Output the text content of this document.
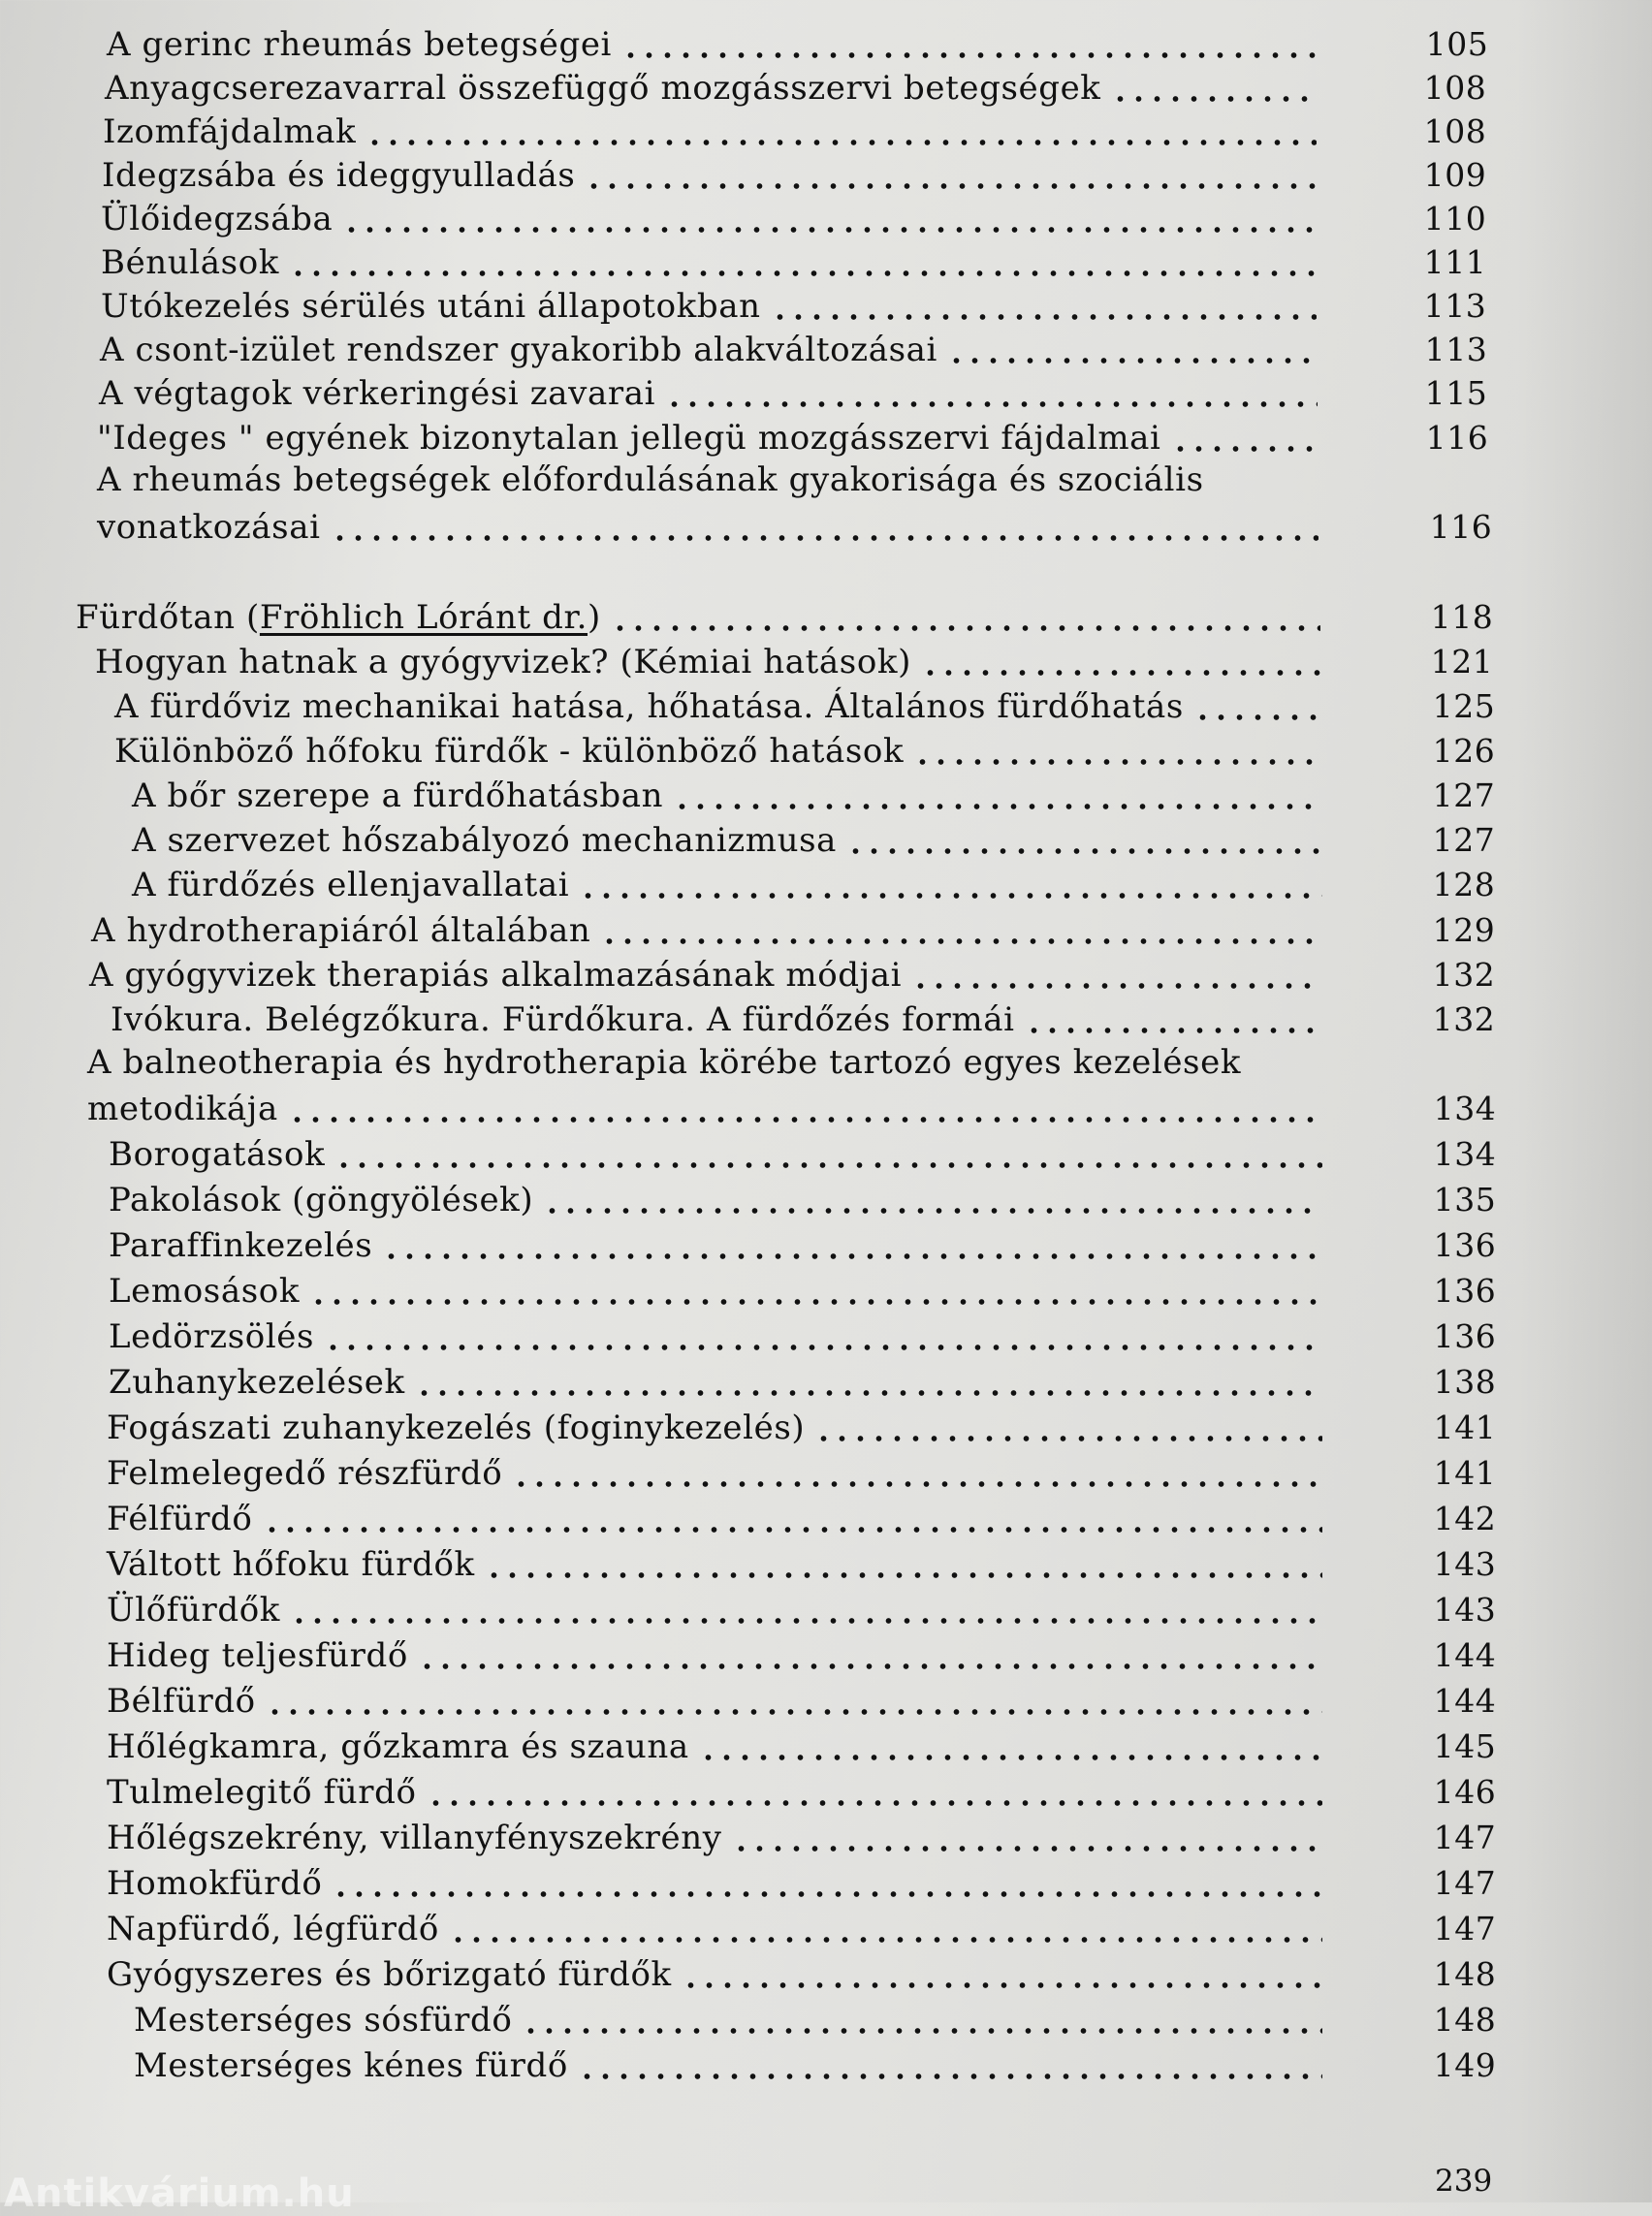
A gerinc rheumás betegségei	105
Anyagcserezavarral összefüggő mozgásszervi betegségek	108
Izomfájdalmak	108
Idegzsába és ideggyulladás	109
Ülőidegzsába	110
Bénulások	111
Utókezelés sérülés utáni állapotokban	113
A csont-izület rendszer gyakoribb alakváltozásai	113
A végtagok vérkeringési zavarai	115
"Ideges " egyének bizonytalan jellegü mozgásszervi fájdalmai	116
A rheumás betegségek előfordulásának gyakorisága és szociális
vonatkozásai	116
Fürdőtan (Fröhlich Lóránt dr.)	118
Hogyan hatnak a gyógyvizek? (Kémiai hatások)	121
A fürdőviz mechanikai hatása, hőhatása. Általános fürdőhatás	125
Különböző hőfoku fürdők - különböző hatások	126
A bőr szerepe a fürdőhatásban	127
A szervezet hőszabályozó mechanizmusa	127
A fürdőzés ellenjavallatai	128
A hydrotherapiáról általában	129
A gyógyvizek therapiás alkalmazásának módjai	132
Ivókura. Belégzőkura. Fürdőkura. A fürdőzés formái	132
A balneotherapia és hydrotherapia körébe tartozó egyes kezelések
metodikája	134
Borogatások	134
Pakolások (göngyölések)	135
Paraffinkezelés	136
Lemosások	136
Ledörzsölés	136
Zuhanykezelések	138
Fogászati zuhanykezelés (foginykezelés)	141
Felmelegedő részfürdő	141
Félfürdő	142
Váltott hőfoku fürdők	143
Ülőfürdők	143
Hideg teljesfürdő	144
Bélfürdő	144
Hőlégkamra, gőzkamra és szauna	145
Tulmelegitő fürdő	146
Hőlégszekrény, villanyfényszekrény	147
Homokfürdő	147
Napfürdő, légfürdő	147
Gyógyszeres és bőrizgató fürdők	148
Mesterséges sósfürdő	148
Mesterséges kénes fürdő	149
239
Antikvárium.hu
